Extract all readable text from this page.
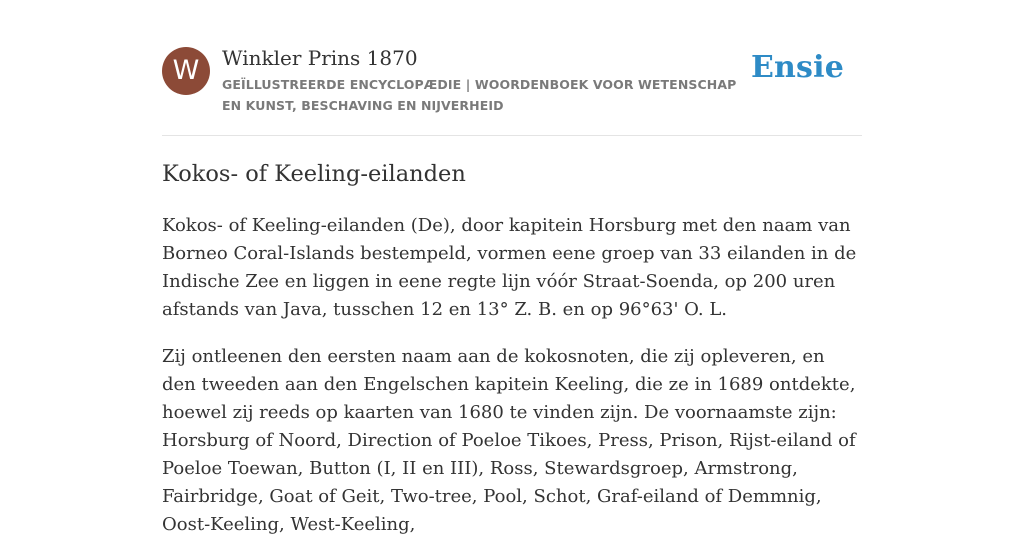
W	Winkler Prins 1870
GEÏLLUSTREERDE ENCYCLOPÆDIE | WOORDENBOEK VOOR WETENSCHAP EN KUNST, BESCHAVING EN NIJVERHEID
Ensie
Kokos- of Keeling-eilanden

Kokos- of Keeling-eilanden (De), door kapitein Horsburg met den naam van Borneo Coral-Islands bestempeld, vormen eene groep van 33 eilanden in de Indische Zee en liggen in eene regte lijn vóór Straat-Soenda, op 200 uren afstands van Java, tusschen 12 en 13° Z. B. en op 96°63' O. L.

Zij ontleenen den eersten naam aan de kokosnoten, die zij opleveren, en den tweeden aan den Engelschen kapitein Keeling, die ze in 1689 ontdekte, hoewel zij reeds op kaarten van 1680 te vinden zijn. De voornaamste zijn: Horsburg of Noord, Direction of Poeloe Tikoes, Press, Prison, Rijst-eiland of Poeloe Toewan, Button (I, II en III), Ross, Stewardsgroep, Armstrong, Fairbridge, Goat of Geit, Two-tree, Pool, Schot, Graf-eiland of Demmnig, Oost-Keeling, West-Keeling,
